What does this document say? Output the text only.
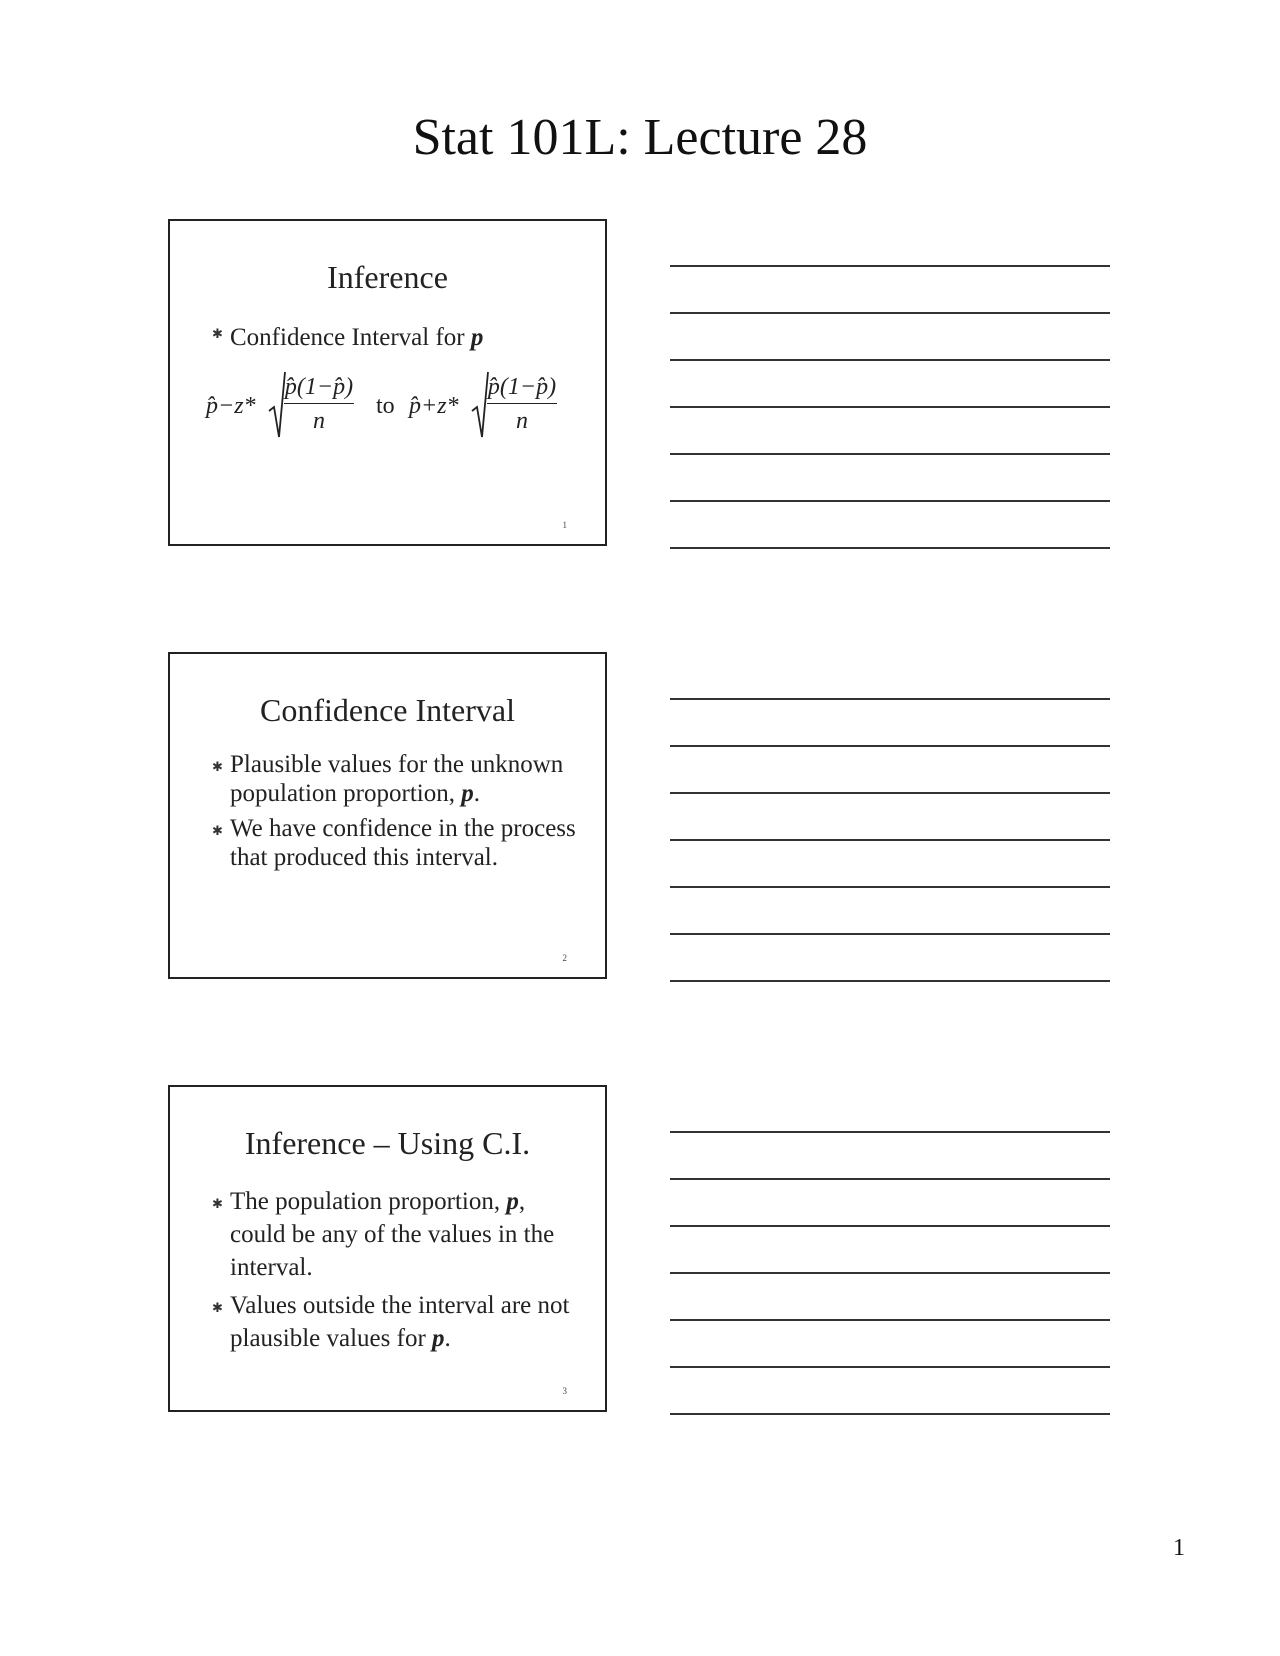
Stat 101L: Lecture 28
Inference
✱ Confidence Interval for p
p̂−z* $\frac{p̂(1-p̂)}{n}$ to p̂+z* $\frac{p̂(1-p̂)}{n}$
1
Confidence Interval
✱ Plausible values for the unknown population proportion, p.
✱ We have confidence in the process that produced this interval.
2
Inference – Using C.I.
✱ The population proportion, p, could be any of the values in the interval.
✱ Values outside the interval are not plausible values for p.
3
1
